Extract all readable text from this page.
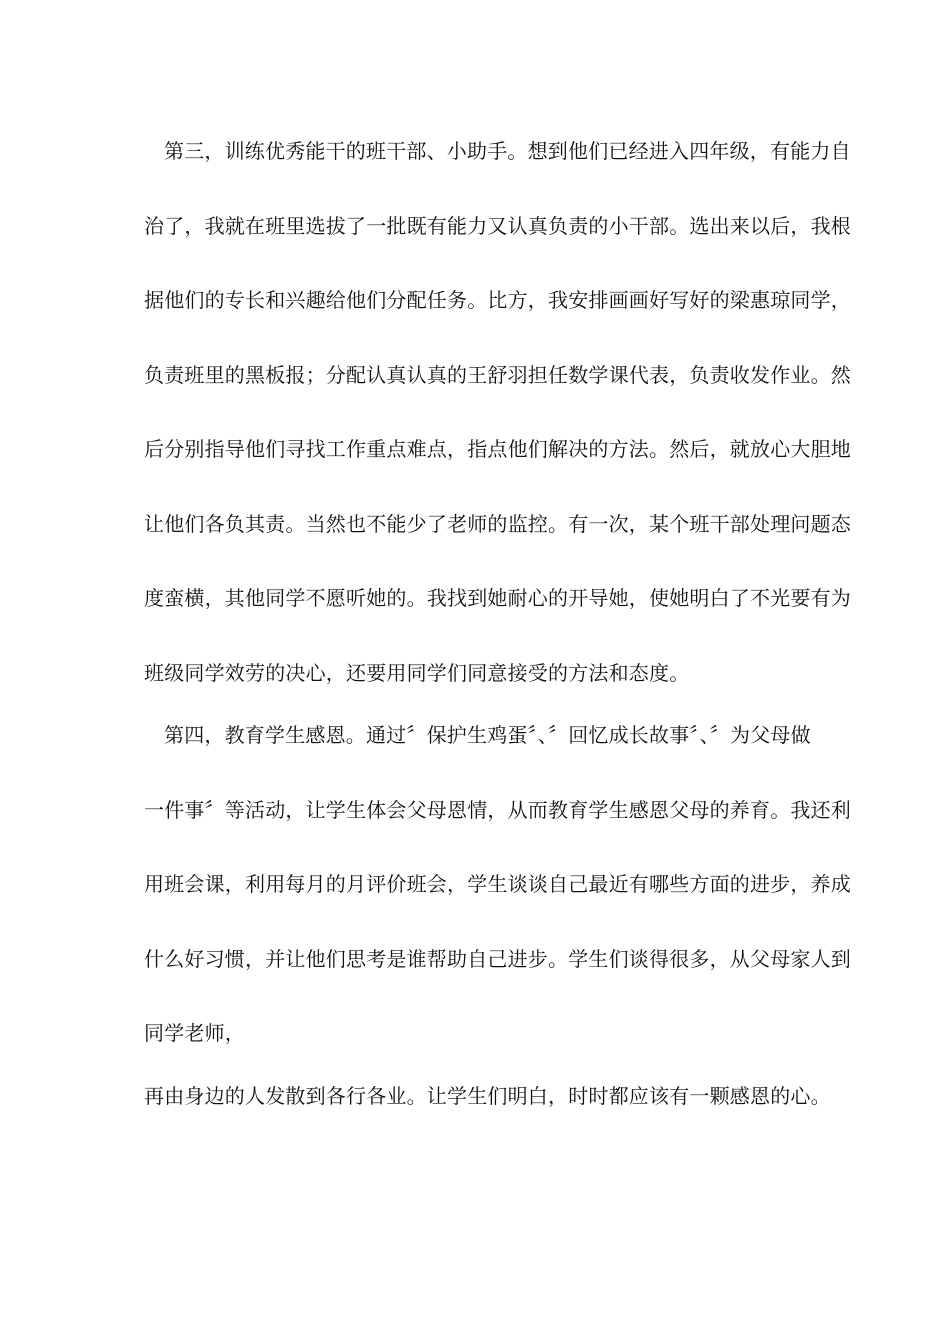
第三，训练优秀能干的班干部、小助手。想到他们已经进入四年级，有能力自

治了，我就在班里选拔了一批既有能力又认真负责的小干部。选出来以后，我根

据他们的专长和兴趣给他们分配任务。比方，我安排画画好写好的梁惠琼同学，

负责班里的黑板报；分配认真认真的王舒羽担任数学课代表，负责收发作业。然

后分别指导他们寻找工作重点难点，指点他们解决的方法。然后，就放心大胆地

让他们各负其责。当然也不能少了老师的监控。有一次，某个班干部处理问题态

度蛮横，其他同学不愿听她的。我找到她耐心的开导她，使她明白了不光要有为

班级同学效劳的决心，还要用同学们同意接受的方法和态度。

第四，教育学生感恩。通过〞保护生鸡蛋〞、〞回忆成长故事〞、〞为父母做

一件事〞等活动，让学生体会父母恩情，从而教育学生感恩父母的养育。我还利

用班会课，利用每月的月评价班会，学生谈谈自己最近有哪些方面的进步，养成

什么好习惯，并让他们思考是谁帮助自己进步。学生们谈得很多，从父母家人到

同学老师，

再由身边的人发散到各行各业。让学生们明白，时时都应该有一颗感恩的心。
